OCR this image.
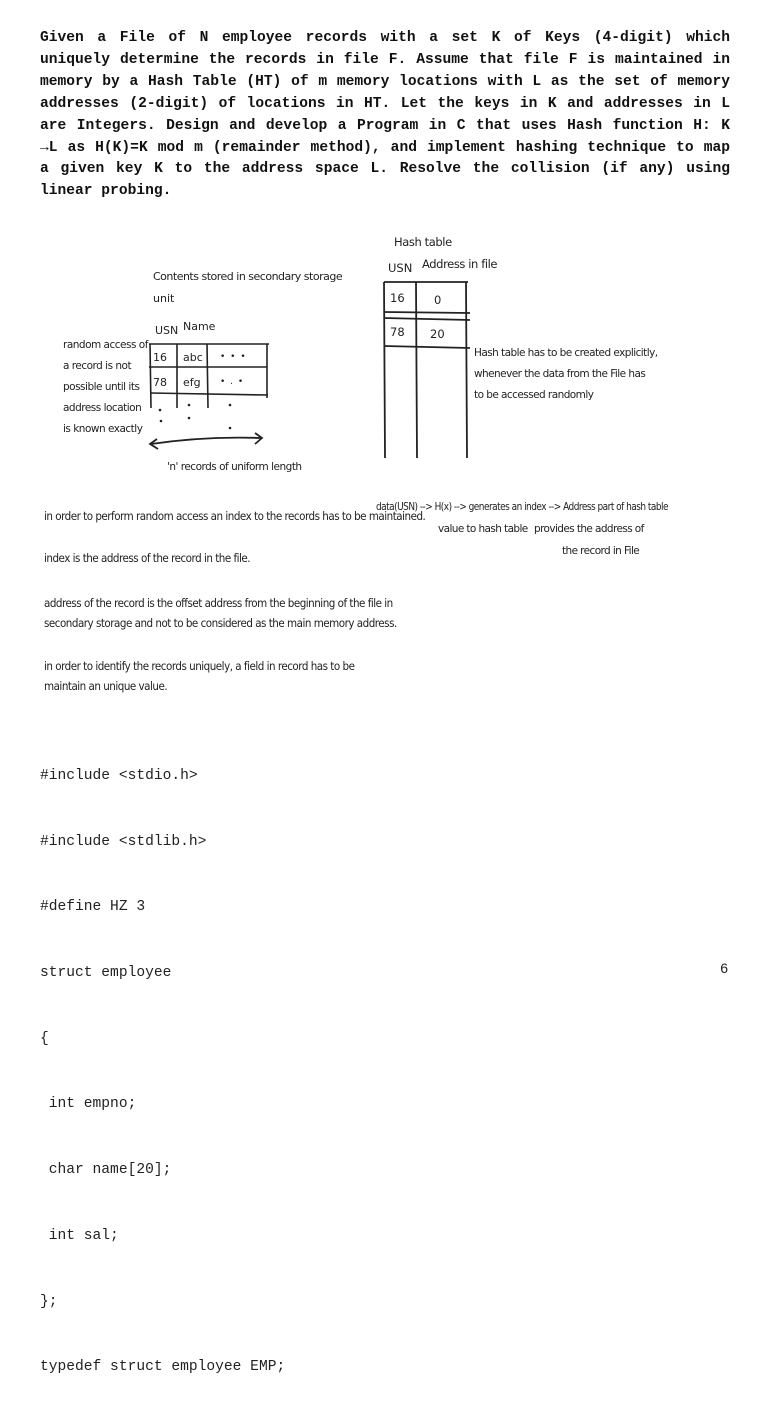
Given a File of N employee records with a set K of Keys (4-digit) which uniquely determine the records in file F. Assume that file F is maintained in memory by a Hash Table (HT) of m memory locations with L as the set of memory addresses (2-digit) of locations in HT. Let the keys in K and addresses in L are Integers. Design and develop a Program in C that uses Hash function H: K →L as H(K)=K mod m (remainder method), and implement hashing technique to map a given key K to the address space L. Resolve the collision (if any) using linear probing.

Contents stored in secondary storage
unit
USN Name
16 abc • • •
78 efg • . •
random access of
a record is not
possible until its
address location
is known exactly
'n' records of uniform length
Hash table
USN Address in file
16	0
78 20
Hash table has to be created explicitly,
whenever the data from the File has
to be accessed randomly
data(USN) --> H(x) --> generates an index --> Address part of hash table
value to hash table provides the address of
the record in File
in order to perform random access an index to the records has to be maintained.
index is the address of the record in the file.
address of the record is the offset address from the beginning of the file in
secondary storage and not to be considered as the main memory address.
in order to identify the records uniquely, a field in record has to be
maintain an unique value.

#include <stdio.h>

#include <stdlib.h>

#define HZ 3

struct employee

{

int empno;

char name[20];

int sal;

};

typedef struct employee EMP;

6
